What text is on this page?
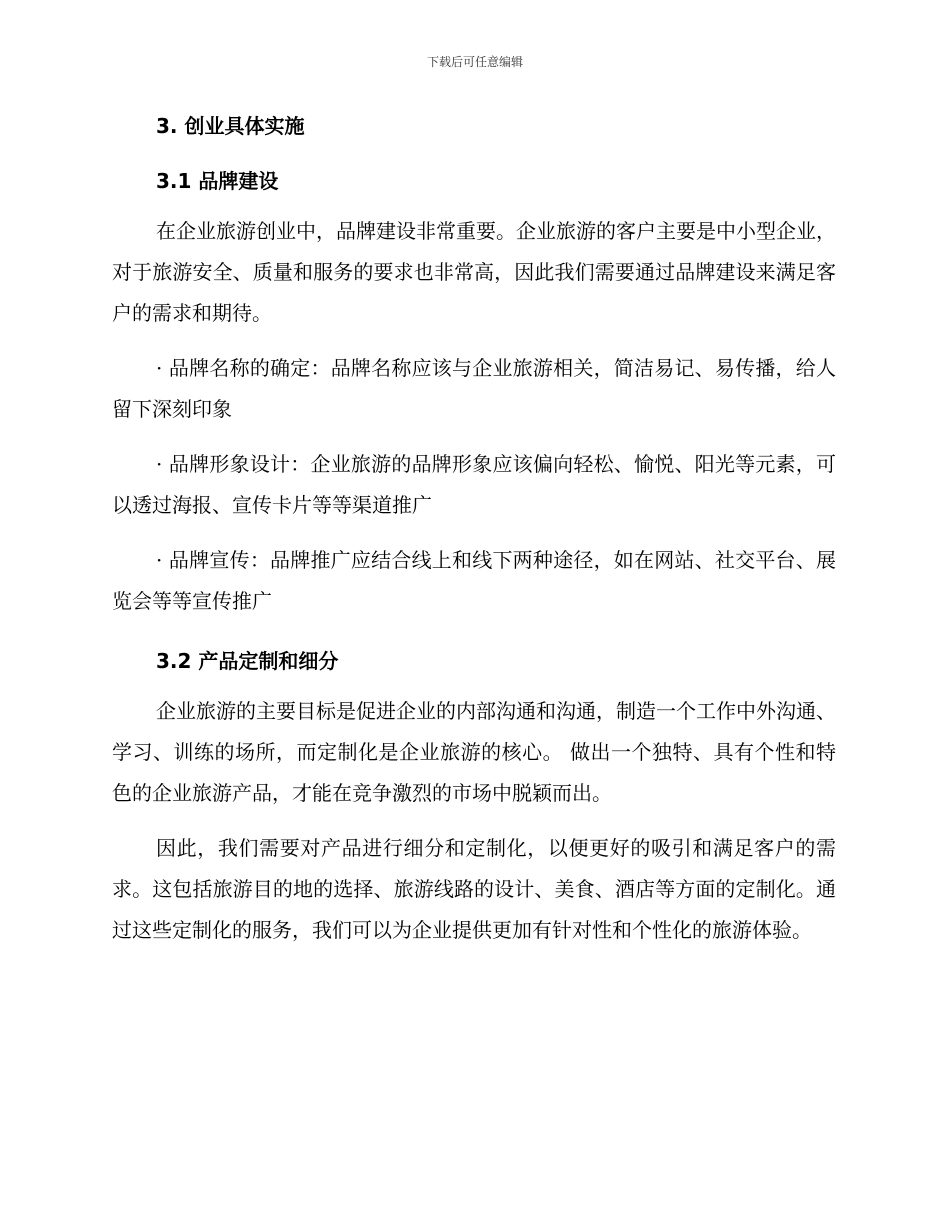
下载后可任意编辑
3. 创业具体实施
3.1 品牌建设

在企业旅游创业中，品牌建设非常重要。企业旅游的客户主要是中小型企业，对于旅游安全、质量和服务的要求也非常高，因此我们需要通过品牌建设来满足客户的需求和期待。

· 品牌名称的确定：品牌名称应该与企业旅游相关，简洁易记、易传播，给人留下深刻印象

· 品牌形象设计：企业旅游的品牌形象应该偏向轻松、愉悦、阳光等元素，可以透过海报、宣传卡片等等渠道推广

· 品牌宣传：品牌推广应结合线上和线下两种途径，如在网站、社交平台、展览会等等宣传推广

3.2 产品定制和细分

企业旅游的主要目标是促进企业的内部沟通和沟通，制造一个工作中外沟通、学习、训练的场所，而定制化是企业旅游的核心。 做出一个独特、具有个性和特色的企业旅游产品，才能在竞争激烈的市场中脱颖而出。

因此，我们需要对产品进行细分和定制化，以便更好的吸引和满足客户的需求。这包括旅游目的地的选择、旅游线路的设计、美食、酒店等方面的定制化。通过这些定制化的服务，我们可以为企业提供更加有针对性和个性化的旅游体验。
